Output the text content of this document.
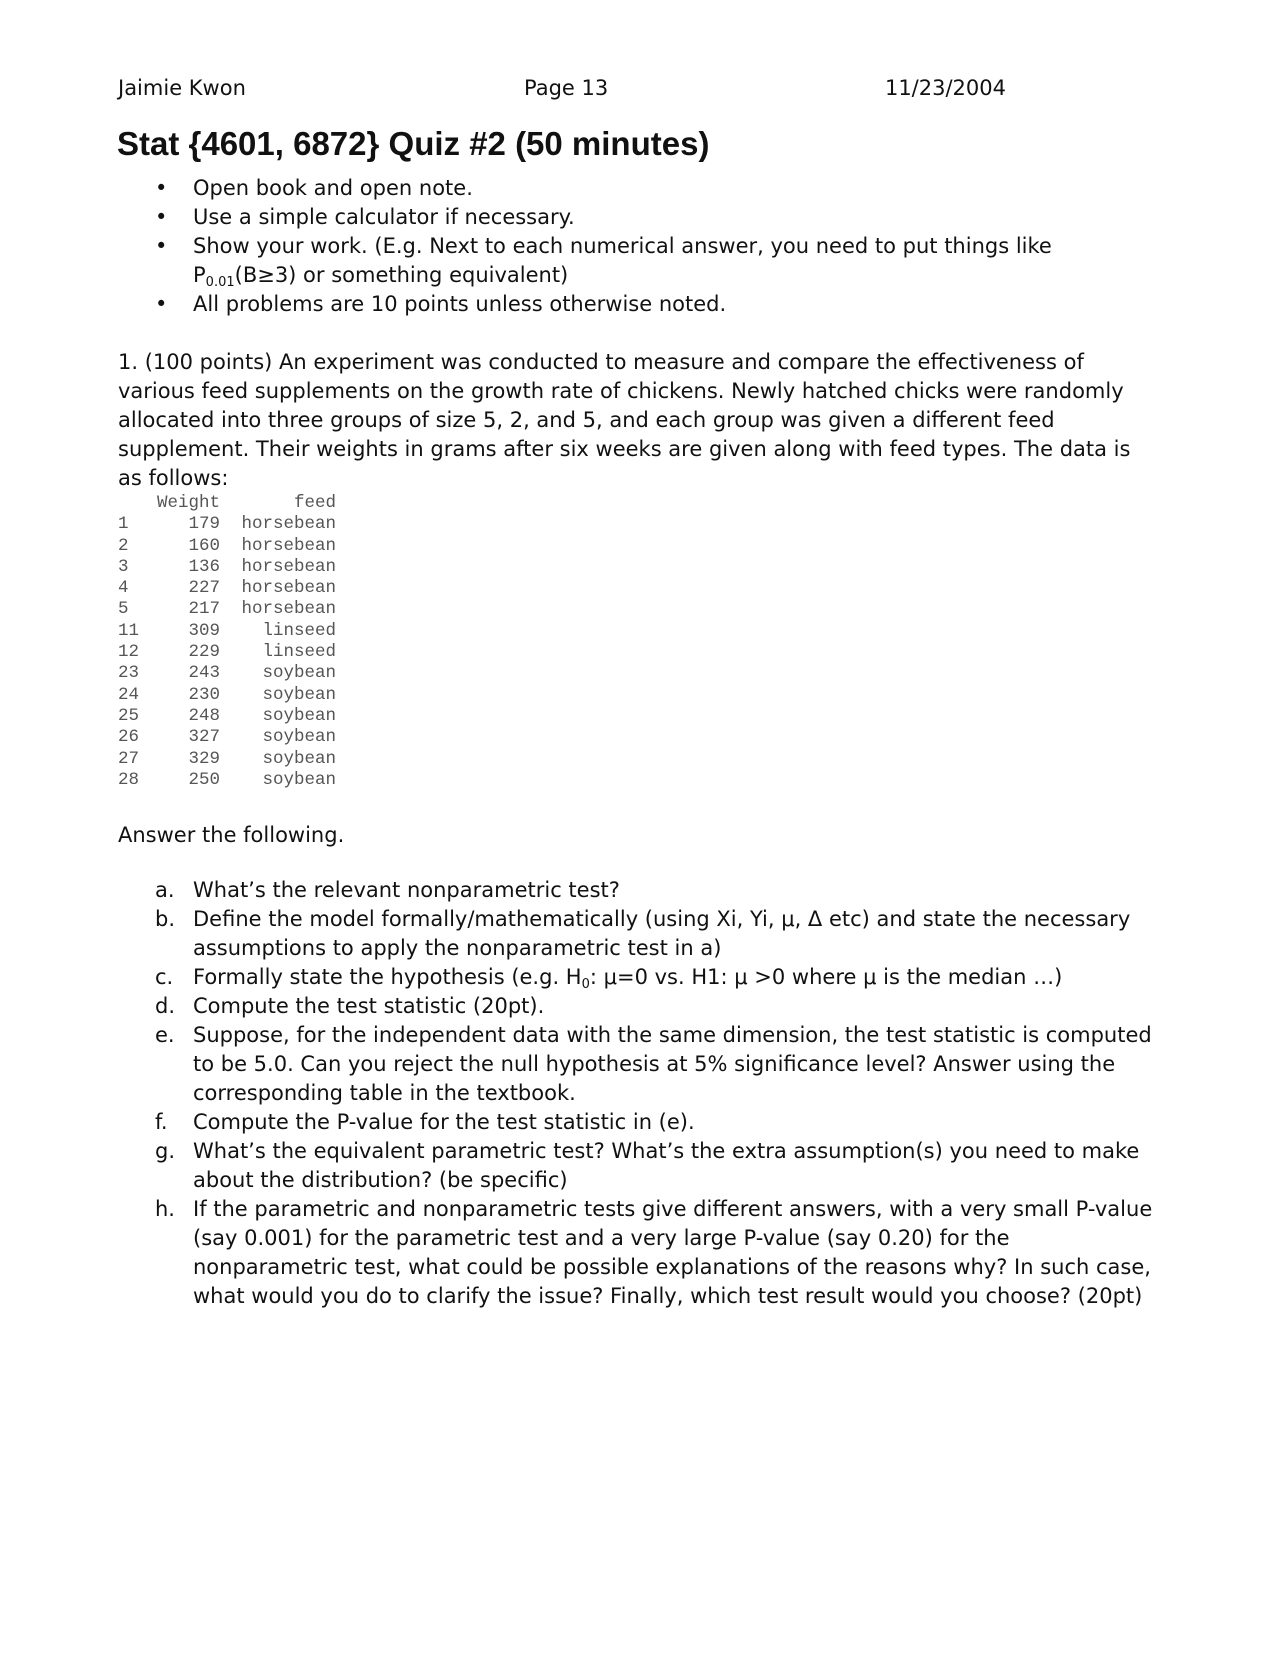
Jaimie Kwon	Page 13	11/23/2004
Stat {4601, 6872} Quiz #2 (50 minutes)
• Open book and open note.
• Use a simple calculator if necessary.
• Show your work. (E.g. Next to each numerical answer, you need to put things like $P_{0.01}(B\ge 3)$ or something equivalent)
• All problems are 10 points unless otherwise noted.

1. (100 points) An experiment was conducted to measure and compare the effectiveness of various feed supplements on the growth rate of chickens. Newly hatched chicks were randomly allocated into three groups of size 5, 2, and 5, and each group was given a different feed supplement. Their weights in grams after six weeks are given along with feed types. The data is as follows:

Weight	feed
1	179 horsebean
2	160 horsebean
3	136 horsebean
4	227 horsebean
5	217 horsebean
11	309 linseed
12	229 linseed
23	243 soybean
24	230 soybean
25	248 soybean
26	327 soybean
27	329 soybean
28	250 soybean

Answer the following.

a. What’s the relevant nonparametric test?
b. Define the model formally/mathematically (using Xi, Yi, μ, Δ etc) and state the necessary assumptions to apply the nonparametric test in a)
c. Formally state the hypothesis (e.g. $H_0$: μ=0 vs. H1: μ >0 where μ is the median …)
d. Compute the test statistic (20pt).
e. Suppose, for the independent data with the same dimension, the test statistic is computed to be 5.0. Can you reject the null hypothesis at 5% significance level? Answer using the corresponding table in the textbook.
f. Compute the P-value for the test statistic in (e).
g. What’s the equivalent parametric test? What’s the extra assumption(s) you need to make about the distribution? (be specific)
h. If the parametric and nonparametric tests give different answers, with a very small P-value (say 0.001) for the parametric test and a very large P-value (say 0.20) for the nonparametric test, what could be possible explanations of the reasons why? In such case, what would you do to clarify the issue? Finally, which test result would you choose? (20pt)
